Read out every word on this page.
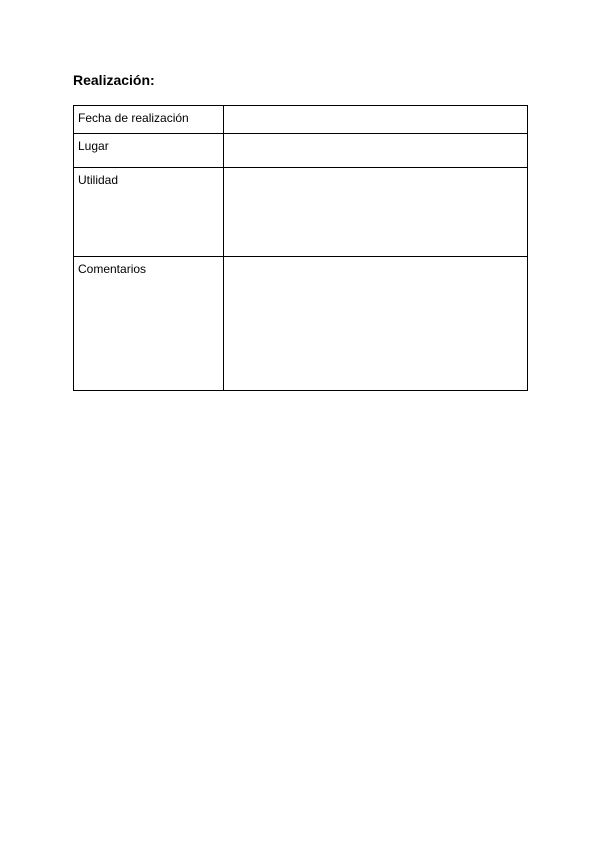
Realización:
Fecha de realización	
Lugar	
Utilidad	
Comentarios	
